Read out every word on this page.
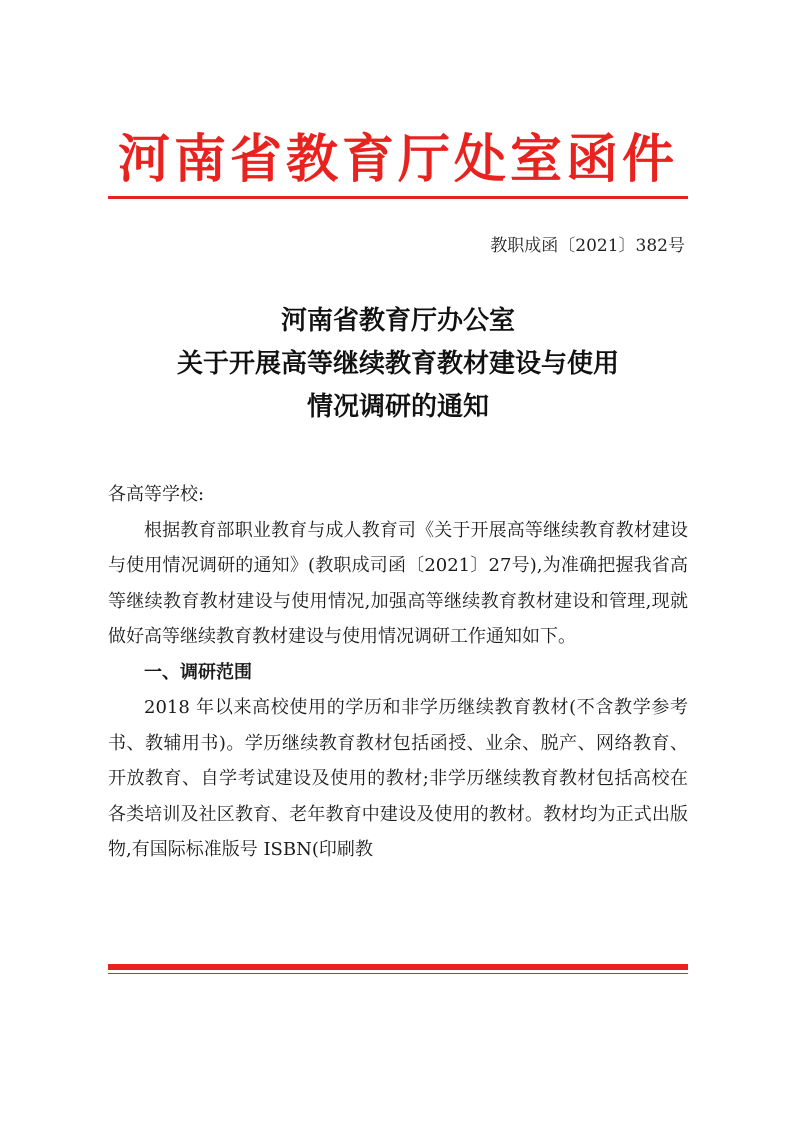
河南省教育厅处室函件
教职成函〔2021〕382号
河南省教育厅办公室
关于开展高等继续教育教材建设与使用
情况调研的通知

各高等学校:

根据教育部职业教育与成人教育司《关于开展高等继续教育教材建设与使用情况调研的通知》(教职成司函〔2021〕27号),为准确把握我省高等继续教育教材建设与使用情况,加强高等继续教育教材建设和管理,现就做好高等继续教育教材建设与使用情况调研工作通知如下。

一、调研范围

2018 年以来高校使用的学历和非学历继续教育教材(不含教学参考书、教辅用书)。学历继续教育教材包括函授、业余、脱产、网络教育、开放教育、自学考试建设及使用的教材;非学历继续教育教材包括高校在各类培训及社区教育、老年教育中建设及使用的教材。教材均为正式出版物,有国际标准版号 ISBN(印刷教
